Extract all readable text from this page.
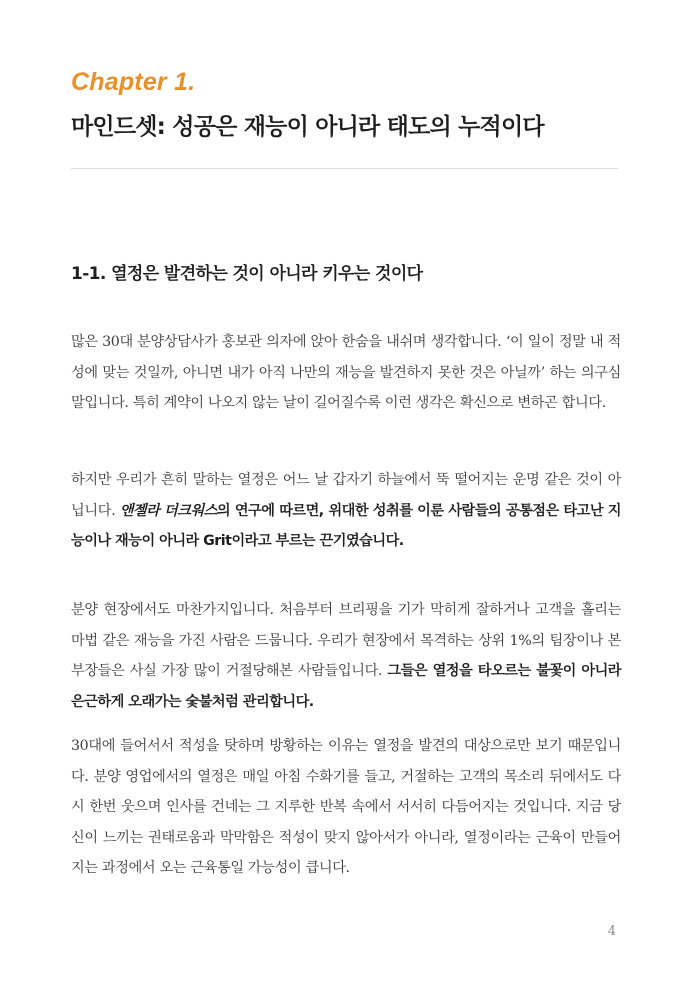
Chapter 1.
마인드셋: 성공은 재능이 아니라 태도의 누적이다
1-1. 열정은 발견하는 것이 아니라 키우는 것이다

많은 30대 분양상담사가 홍보관 의자에 앉아 한숨을 내쉬며 생각합니다. ‘이 일이 정말 내 적성에 맞는 것일까, 아니면 내가 아직 나만의 재능을 발견하지 못한 것은 아닐까’ 하는 의구심 말입니다. 특히 계약이 나오지 않는 날이 길어질수록 이런 생각은 확신으로 변하곤 합니다.

하지만 우리가 흔히 말하는 열정은 어느 날 갑자기 하늘에서 뚝 떨어지는 운명 같은 것이 아닙니다. 앤젤라 더크워스의 연구에 따르면, 위대한 성취를 이룬 사람들의 공통점은 타고난 지능이나 재능이 아니라 Grit이라고 부르는 끈기였습니다.

분양 현장에서도 마찬가지입니다. 처음부터 브리핑을 기가 막히게 잘하거나 고객을 홀리는 마법 같은 재능을 가진 사람은 드뭅니다. 우리가 현장에서 목격하는 상위 1%의 팀장이나 본부장들은 사실 가장 많이 거절당해본 사람들입니다. 그들은 열정을 타오르는 불꽃이 아니라 은근하게 오래가는 숯불처럼 관리합니다.

30대에 들어서서 적성을 탓하며 방황하는 이유는 열정을 발견의 대상으로만 보기 때문입니다. 분양 영업에서의 열정은 매일 아침 수화기를 들고, 거절하는 고객의 목소리 뒤에서도 다시 한번 웃으며 인사를 건네는 그 지루한 반복 속에서 서서히 다듬어지는 것입니다. 지금 당신이 느끼는 권태로움과 막막함은 적성이 맞지 않아서가 아니라, 열정이라는 근육이 만들어지는 과정에서 오는 근육통일 가능성이 큽니다.

4
